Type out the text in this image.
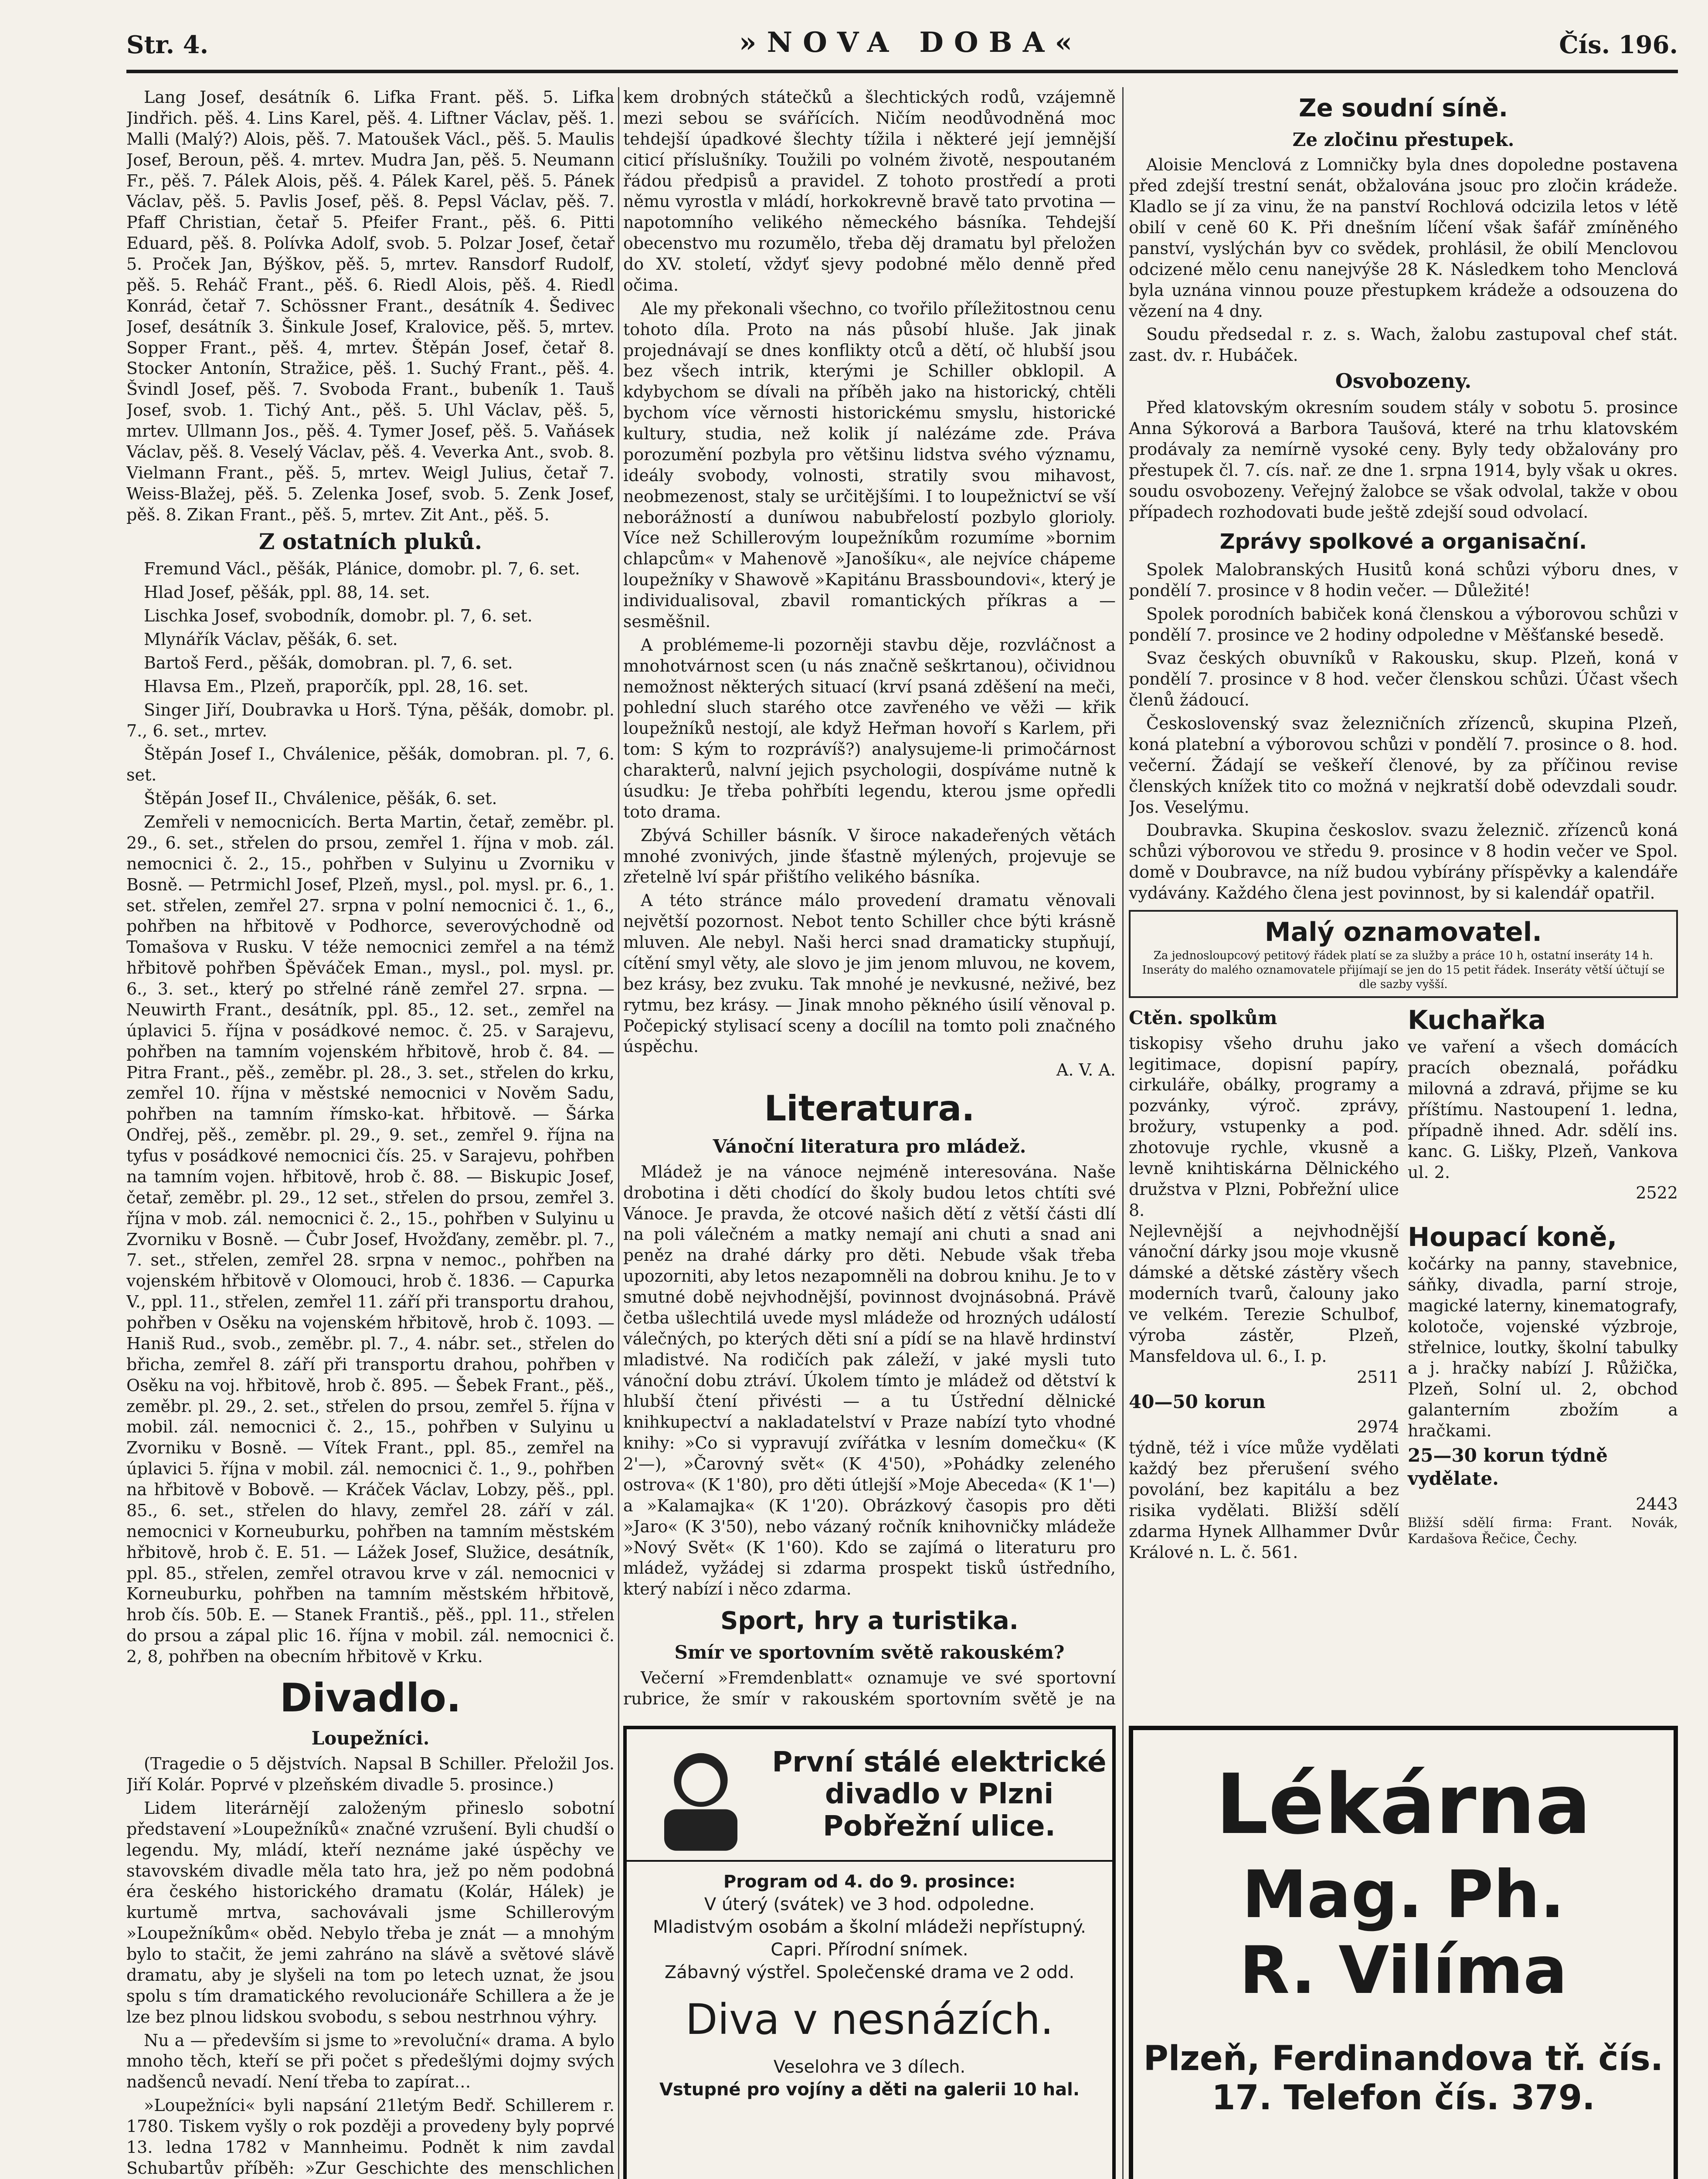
Str. 4.	»NOVA DOBA«	Čís. 196.

Lang Josef, desátník 6. Lifka Frant. pěš. 5. Lifka Jindřich. pěš. 4. Lins Karel, pěš. 4. Liftner Václav, pěš. 1. Malli (Malý?) Alois, pěš. 7. Matoušek Václ., pěš. 5. Maulis Josef, Beroun, pěš. 4. mrtev. Mudra Jan, pěš. 5. Neumann Fr., pěš. 7. Pálek Alois, pěš. 4. Pálek Karel, pěš. 5. Pánek Václav, pěš. 5. Pavlis Josef, pěš. 8. Pepsl Václav, pěš. 7. Pfaff Christian, četař 5. Pfeifer Frant., pěš. 6. Pitti Eduard, pěš. 8. Polívka Adolf, svob. 5. Polzar Josef, četař 5. Proček Jan, Býškov, pěš. 5, mrtev. Ransdorf Rudolf, pěš. 5. Reháč Frant., pěš. 6. Riedl Alois, pěš. 4. Riedl Konrád, četař 7. Schössner Frant., desátník 4. Šedivec Josef, desátník 3. Šinkule Josef, Kralovice, pěš. 5, mrtev. Sopper Frant., pěš. 4, mrtev. Štěpán Josef, četař 8. Stocker Antonín, Stražice, pěš. 1. Suchý Frant., pěš. 4. Švindl Josef, pěš. 7. Svoboda Frant., bubeník 1. Tauš Josef, svob. 1. Tichý Ant., pěš. 5. Uhl Václav, pěš. 5, mrtev. Ullmann Jos., pěš. 4. Tymer Josef, pěš. 5. Vaňásek Václav, pěš. 8. Veselý Václav, pěš. 4. Veverka Ant., svob. 8. Vielmann Frant., pěš. 5, mrtev. Weigl Julius, četař 7. Weiss-Blažej, pěš. 5. Zelenka Josef, svob. 5. Zenk Josef, pěš. 8. Zikan Frant., pěš. 5, mrtev. Zit Ant., pěš. 5.

Z ostatních pluků.

Fremund Václ., pěšák, Plánice, domobr. pl. 7, 6. set.

Hlad Josef, pěšák, ppl. 88, 14. set.

Lischka Josef, svobodník, domobr. pl. 7, 6. set.

Mlynářík Václav, pěšák, 6. set.

Bartoš Ferd., pěšák, domobran. pl. 7, 6. set.

Hlavsa Em., Plzeň, praporčík, ppl. 28, 16. set.

Singer Jiří, Doubravka u Horš. Týna, pěšák, domobr. pl. 7., 6. set., mrtev.

Štěpán Josef I., Chválenice, pěšák, domobran. pl. 7, 6. set.

Štěpán Josef II., Chválenice, pěšák, 6. set.

Zemřeli v nemocnicích. Berta Martin, četař, zeměbr. pl. 29., 6. set., střelen do prsou, zemřel 1. října v mob. zál. nemocnici č. 2., 15., pohřben v Sulyinu u Zvorniku v Bosně. — Petrmichl Josef, Plzeň, mysl., pol. mysl. pr. 6., 1. set. střelen, zemřel 27. srpna v polní nemocnici č. 1., 6., pohřben na hřbitově v Podhorce, severovýchodně od Tomašova v Rusku. V téže nemocnici zemřel a na témž hřbitově pohřben Špěváček Eman., mysl., pol. mysl. pr. 6., 3. set., který po střelné ráně zemřel 27. srpna. — Neuwirth Frant., desátník, ppl. 85., 12. set., zemřel na úplavici 5. října v posádkové nemoc. č. 25. v Sarajevu, pohřben na tamním vojenském hřbitově, hrob č. 84. — Pitra Frant., pěš., zeměbr. pl. 28., 3. set., střelen do krku, zemřel 10. října v městské nemocnici v Nověm Sadu, pohřben na tamním římsko-kat. hřbitově. — Šárka Ondřej, pěš., zeměbr. pl. 29., 9. set., zemřel 9. října na tyfus v posádkové nemocnici čís. 25. v Sarajevu, pohřben na tamním vojen. hřbitově, hrob č. 88. — Biskupic Josef, četař, zeměbr. pl. 29., 12 set., střelen do prsou, zemřel 3. října v mob. zál. nemocnici č. 2., 15., pohřben v Sulyinu u Zvorniku v Bosně. — Čubr Josef, Hvožďany, zeměbr. pl. 7., 7. set., střelen, zemřel 28. srpna v nemoc., pohřben na vojenském hřbitově v Olomouci, hrob č. 1836. — Capurka V., ppl. 11., střelen, zemřel 11. září při transportu drahou, pohřben v Osěku na vojenském hřbitově, hrob č. 1093. — Haniš Rud., svob., zeměbr. pl. 7., 4. nábr. set., střelen do břicha, zemřel 8. září při transportu drahou, pohřben v Osěku na voj. hřbitově, hrob č. 895. — Šebek Frant., pěš., zeměbr. pl. 29., 2. set., střelen do prsou, zemřel 5. října v mobil. zál. nemocnici č. 2., 15., pohřben v Sulyinu u Zvorniku v Bosně. — Vítek Frant., ppl. 85., zemřel na úplavici 5. října v mobil. zál. nemocnici č. 1., 9., pohřben na hřbitově v Bobově. — Kráček Václav, Lobzy, pěš., ppl. 85., 6. set., střelen do hlavy, zemřel 28. září v zál. nemocnici v Korneuburku, pohřben na tamním městském hřbitově, hrob č. E. 51. — Lážek Josef, Služice, desátník, ppl. 85., střelen, zemřel otravou krve v zál. nemocnici v Korneuburku, pohřben na tamním městském hřbitově, hrob čís. 50b. E. — Stanek Františ., pěš., ppl. 11., střelen do prsou a zápal plic 16. října v mobil. zál. nemocnici č. 2, 8, pohřben na obecním hřbitově v Krku.

Divadlo.
Loupežníci.

(Tragedie o 5 dějstvích. Napsal B Schiller. Přeložil Jos. Jiří Kolár. Poprvé v plzeňském divadle 5. prosince.)

Lidem literárnějí založeným přineslo sobotní představení »Loupežníků« značné vzrušení. Byli chudší o legendu. My, mládí, kteří neznáme jaké úspěchy ve stavovském divadle měla tato hra, jež po něm podobná éra českého historického dramatu (Kolár, Hálek) je kurtumě mrtva, sachovávali jsme Schillerovým »Loupežníkům« oběd. Nebylo třeba je znát — a mnohým bylo to stačit, že jemi zahráno na slávě a světové slávě dramatu, aby je slyšeli na tom po letech uznat, že jsou spolu s tím dramatického revolucionáře Schillera a že je lze bez plnou lidskou svobodu, s sebou nestrhnou výhry.

Nu a — především si jsme to »revoluční« drama. A bylo mnoho těch, kteří se při počet s předešlými dojmy svých nadšenců nevadí. Není třeba to zapírat…

»Loupežníci« byli napsání 21letým Bedř. Schillerem r. 1780. Tiskem vyšly o rok později a provedeny byly poprvé 13. ledna 1782 v Mannheimu. Podnět k nim zavdal Schubartův příběh: »Zur Geschichte des menschlichen

kem drobných státečků a šlechtických rodů, vzájemně mezi sebou se svářících. Ničím neodůvodněná moc tehdejší úpadkové šlechty tížila i některé její jemnější citicí příslušníky. Toužili po volném životě, nespoutaném řádou předpisů a pravidel. Z tohoto prostředí a proti němu vyrostla v mládí, horkokrevně bravě tato prvotina — napotomního velikého německého básníka. Tehdejší obecenstvo mu rozumělo, třeba děj dramatu byl přeložen do XV. století, vždyť sjevy podobné mělo denně před očima.

Ale my překonali všechno, co tvořilo příležitostnou cenu tohoto díla. Proto na nás působí hluše. Jak jinak projednávají se dnes konflikty otců a dětí, oč hlubší jsou bez všech intrik, kterými je Schiller obklopil. A kdybychom se dívali na příběh jako na historický, chtěli bychom více věrnosti historickému smyslu, historické kultury, studia, než kolik jí nalézáme zde. Práva porozumění pozbyla pro většinu lidstva svého významu, ideály svobody, volnosti, stratily svou mihavost, neobmezenost, staly se určitějšími. I to loupežnictví se vší neborážností a duníwou nabubřelostí pozbylo glorioly. Více než Schillerovým loupežníkům rozumíme »bornim chlapcům« v Mahenově »Janošíku«, ale nejvíce chápeme loupežníky v Shawově »Kapitánu Brassboundovi«, který je individualisoval, zbavil romantických příkras a — sesměšnil.

A problémeme-li pozorněji stavbu děje, rozvláčnost a mnohotvárnost scen (u nás značně seškrtanou), očividnou nemožnost některých situací (krví psaná zděšení na meči, pohlední sluch starého otce zavřeného ve věži — křik loupežníků nestojí, ale když Heřman hovoří s Karlem, při tom: S kým to rozprávíš?) analysujeme-li primočárnost charakterů, nalvní jejich psychologii, dospíváme nutně k úsudku: Je třeba pohřbíti legendu, kterou jsme opředli toto drama.

Zbývá Schiller básník. V široce nakadeřených větách mnohé zvonivých, jinde šťastně mýlených, projevuje se zřetelně lví spár přištího velikého básníka.

A této stránce málo provedení dramatu věnovali největší pozornost. Nebot tento Schiller chce býti krásně mluven. Ale nebyl. Naši herci snad dramaticky stupňují, cítění smyl věty, ale slovo je jim jenom mluvou, ne kovem, bez krásy, bez zvuku. Tak mnohé je nevkusné, neživé, bez rytmu, bez krásy. — Jinak mnoho pěkného úsilí věnoval p. Počepický stylisací sceny a docílil na tomto poli značného úspěchu.

A. V. A.

Literatura.
Vánoční literatura pro mládež.

Mládež je na vánoce nejméně interesována. Naše drobotina i děti chodící do školy budou letos chtíti své Vánoce. Je pravda, že otcové našich dětí z větší části dlí na poli válečném a matky nemají ani chuti a snad ani peněz na drahé dárky pro děti. Nebude však třeba upozorniti, aby letos nezapomněli na dobrou knihu. Je to v smutné době nejvhodnější, povinnost dvojnásobná. Právě četba ušlechtilá uvede mysl mládeže od hrozných událostí válečných, po kterých děti sní a pídí se na hlavě hrdinství mladistvé. Na rodičích pak záleží, v jaké mysli tuto vánoční dobu ztráví. Úkolem tímto je mládež od dětství k hlubší čtení přivésti — a tu Ústřední dělnické knihkupectví a nakladatelství v Praze nabízí tyto vhodné knihy: »Co si vypravují zvířátka v lesním domečku« (K 2'—), »Čarovný svět« (K 4'50), »Pohádky zeleného ostrova« (K 1'80), pro děti útlejší »Moje Abeceda« (K 1'—) a »Kalamajka« (K 1'20). Obrázkový časopis pro děti »Jaro« (K 3'50), nebo vázaný ročník knihovničky mládeže »Nový Svět« (K 1'60). Kdo se zajímá o literaturu pro mládež, vyžádej si zdarma prospekt tisků ústředního, který nabízí i něco zdarma.

Sport, hry a turistika.
Smír ve sportovním světě rakouském?

Večerní »Fremdenblatt« oznamuje ve své sportovní rubrice, že smír v rakouském sportovním světě je na

Ze soudní síně.
Ze zločinu přestupek.

Aloisie Menclová z Lomničky byla dnes dopoledne postavena před zdejší trestní senát, obžalována jsouc pro zločin krádeže. Kladlo se jí za vinu, že na panství Rochlová odcizila letos v létě obilí v ceně 60 K. Při dnešním líčení však šafář zmíněného panství, vyslýchán byv co svědek, prohlásil, že obilí Menclovou odcizené mělo cenu nanejvýše 28 K. Následkem toho Menclová byla uznána vinnou pouze přestupkem krádeže a odsouzena do vězení na 4 dny.

Soudu předsedal r. z. s. Wach, žalobu zastupoval chef stát. zast. dv. r. Hubáček.

Osvobozeny.

Před klatovským okresním soudem stály v sobotu 5. prosince Anna Sýkorová a Barbora Taušová, které na trhu klatovském prodávaly za nemírně vysoké ceny. Byly tedy obžalovány pro přestupek čl. 7. cís. nař. ze dne 1. srpna 1914, byly však u okres. soudu osvobozeny. Veřejný žalobce se však odvolal, takže v obou případech rozhodovati bude ještě zdejší soud odvolací.

Zprávy spolkové a organisační.

Spolek Malobranských Husitů koná schůzi výboru dnes, v pondělí 7. prosince v 8 hodin večer. — Důležité!

Spolek porodních babiček koná členskou a výborovou schůzi v pondělí 7. prosince ve 2 hodiny odpoledne v Měšťanské besedě.

Svaz českých obuvníků v Rakousku, skup. Plzeň, koná v pondělí 7. prosince v 8 hod. večer členskou schůzi. Účast všech členů žádoucí.

Československý svaz železničních zřízenců, skupina Plzeň, koná platební a výborovou schůzi v pondělí 7. prosince o 8. hod. večerní. Žádají se veškeří členové, by za příčinou revise členských knížek tito co možná v nejkratší době odevzdali soudr. Jos. Veselýmu.

Doubravka. Skupina českoslov. svazu železnič. zřízenců koná schůzi výborovou ve středu 9. prosince v 8 hodin večer ve Spol. domě v Doubravce, na níž budou vybírány příspěvky a kalendáře vydávány. Každého člena jest povinnost, by si kalendář opatřil.

Malý oznamovatel.
Za jednosloupcový petitový řádek platí se za služby a práce 10 h, ostatní inseráty 14 h. Inseráty do malého oznamovatele přijímají se jen do 15 petit řádek. Inseráty větší účtují se dle sazby vyšší.
Ctěn. spolkům
tiskopisy všeho druhu jako legitimace, dopisní papíry, cirkuláře, obálky, programy a pozvánky, výroč. zprávy, brožury, vstupenky a pod. zhotovuje rychle, vkusně a levně knihtiskárna Dělnického družstva v Plzni, Pobřežní ulice 8.
Kuchařka
ve vaření a všech domácích pracích obeznalá, pořádku milovná a zdravá, přijme se ku příštímu. Nastoupení 1. ledna, případně ihned. Adr. sdělí ins. kanc. G. Lišky, Plzeň, Vankova ul. 2.
2522
Nejlevnější a nejvhodnější vánoční dárky jsou moje vkusně dámské a dětské zástěry všech moderních tvarů, čalouny jako ve velkém. Terezie Schulbof, výroba zástěr, Plzeň, Mansfeldova ul. 6., I. p.
2511
40—50 korun
2974
týdně, též i více může vydělati každý bez přerušení svého povolání, bez kapitálu a bez risika vydělati. Bližší sdělí zdarma Hynek Allhammer Dvůr Králové n. L. č. 561.
Houpací koně,
kočárky na panny, stavebnice, sáňky, divadla, parní stroje, magické laterny, kinematografy, kolotoče, vojenské výzbroje, střelnice, loutky, školní tabulky a j. hračky nabízí J. Růžička, Plzeň, Solní ul. 2, obchod galanterním zbožím a hračkami.
25—30 korun týdně vydělate.
2443
Bližší sdělí firma: Frant. Novák, Kardašova Řečice, Čechy.
První stálé elektrické divadlo v Plzni Pobřežní ulice.
Program od 4. do 9. prosince:
V úterý (svátek) ve 3 hod. odpoledne.
Mladistvým osobám a školní mládeži nepřístupný.
Capri. Přírodní snímek.
Zábavný výstřel. Společenské drama ve 2 odd.
Diva v nesnázích.
Veselohra ve 3 dílech.
Vstupné pro vojíny a děti na galerii 10 hal.
Lékárna
Mag. Ph.
R. Vilíma
Plzeň, Ferdinandova tř. čís. 17. Telefon čís. 379.
